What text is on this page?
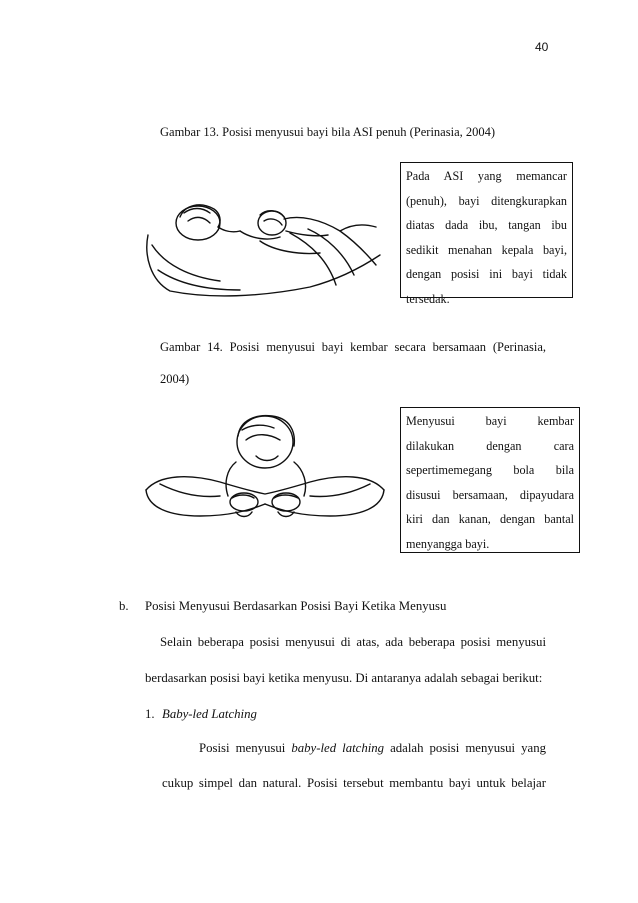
40
Gambar 13. Posisi menyusui bayi bila ASI penuh (Perinasia, 2004)
Pada ASI yang memancar
(penuh), bayi ditengkurapkan
diatas dada ibu, tangan ibu
sedikit menahan kepala bayi,
dengan posisi ini bayi tidak
tersedak.
Gambar 14. Posisi menyusui bayi kembar secara bersamaan (Perinasia,
2004)
Menyusui bayi kembar
dilakukan dengan cara
sepertimemegang bola bila
disusui bersamaan, dipayudara
kiri dan kanan, dengan bantal
menyangga bayi.
b. Posisi Menyusui Berdasarkan Posisi Bayi Ketika Menyusu
Selain beberapa posisi menyusui di atas, ada beberapa posisi menyusui
berdasarkan posisi bayi ketika menyusu. Di antaranya adalah sebagai berikut:
1. Baby-led Latching
Posisi menyusui baby-led latching adalah posisi menyusui yang
cukup simpel dan natural. Posisi tersebut membantu bayi untuk belajar
